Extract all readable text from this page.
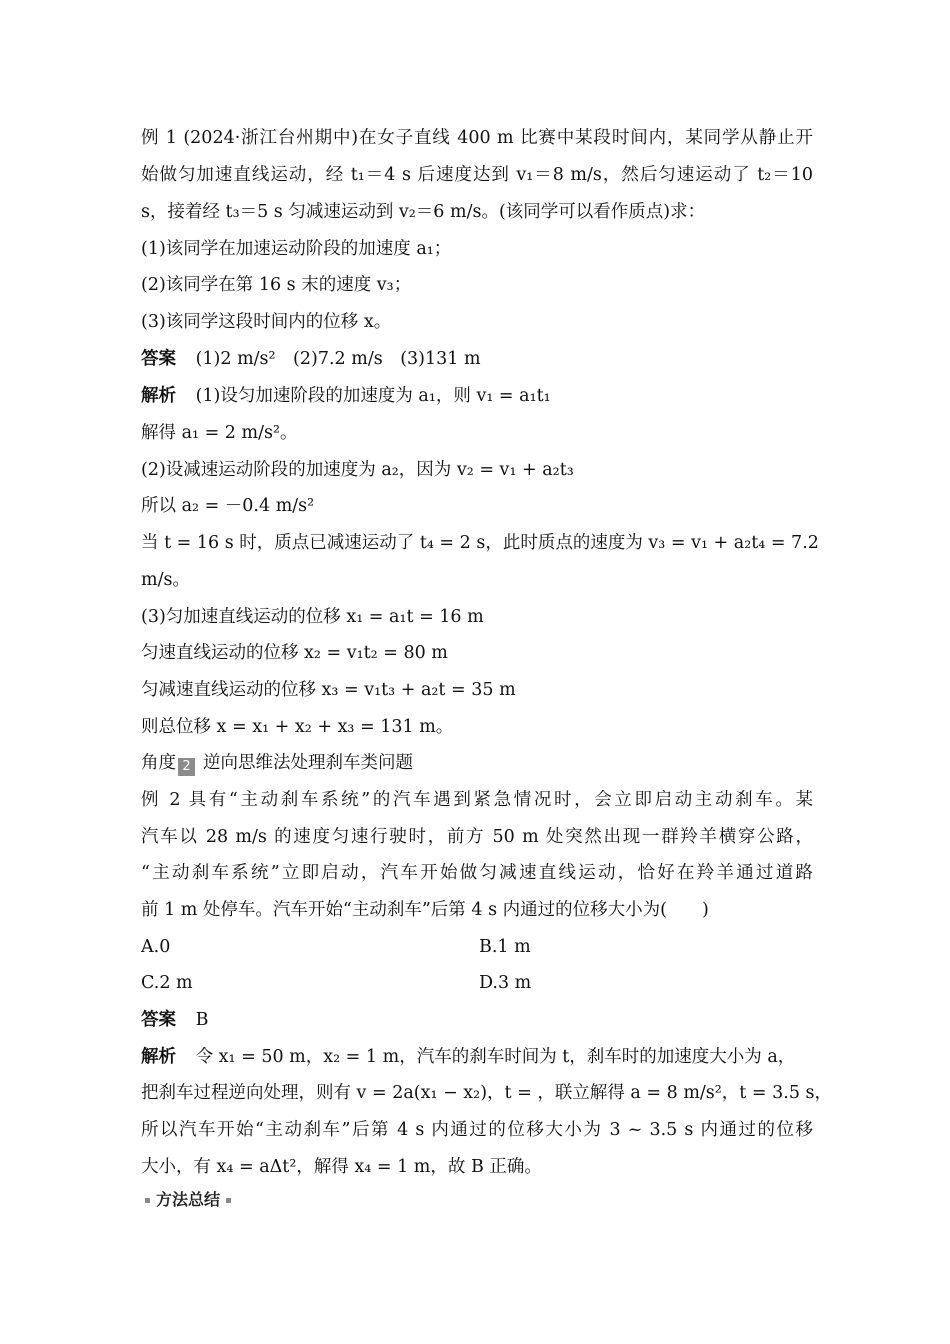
例 1 (2024·浙江台州期中)在女子直线 400 m 比赛中某段时间内，某同学从静止开
始做匀加速直线运动，经 t₁＝4 s 后速度达到 v₁＝8 m/s，然后匀速运动了 t₂＝10
s，接着经 t₃＝5 s 匀减速运动到 v₂＝6 m/s。(该同学可以看作质点)求：
(1)该同学在加速运动阶段的加速度 a₁；
(2)该同学在第 16 s 末的速度 v₃；
(3)该同学这段时间内的位移 x。
答案 (1)2 m/s²　(2)7.2 m/s　(3)131 m
解析 (1)设匀加速阶段的加速度为 a₁，则 v₁ = a₁t₁
解得 a₁ = 2 m/s²。
(2)设减速运动阶段的加速度为 a₂，因为 v₂ = v₁ + a₂t₃
所以 a₂ = －0.4 m/s²
当 t = 16 s 时，质点已减速运动了 t₄ = 2 s，此时质点的速度为 v₃ = v₁ + a₂t₄ = 7.2
m/s。
(3)匀加速直线运动的位移 x₁ = a₁t = 16 m
匀速直线运动的位移 x₂ = v₁t₂ = 80 m
匀减速直线运动的位移 x₃ = v₁t₃ + a₂t = 35 m
则总位移 x = x₁ + x₂ + x₃ = 131 m。
角度 2 逆向思维法处理刹车类问题
例 2 具有“主动刹车系统”的汽车遇到紧急情况时，会立即启动主动刹车。某
汽车以 28 m/s 的速度匀速行驶时，前方 50 m 处突然出现一群羚羊横穿公路，
“主动刹车系统”立即启动，汽车开始做匀减速直线运动，恰好在羚羊通过道路
前 1 m 处停车。汽车开始“主动刹车”后第 4 s 内通过的位移大小为(　　)
A.0	B.1 m
C.2 m	D.3 m
答案 B
解析 令 x₁ = 50 m，x₂ = 1 m，汽车的刹车时间为 t，刹车时的加速度大小为 a，
把刹车过程逆向处理，则有 v = 2a(x₁ − x₂)，t = ，联立解得 a = 8 m/s²，t = 3.5 s，
所以汽车开始“主动刹车”后第 4 s 内通过的位移大小为 3 ~ 3.5 s 内通过的位移
大小，有 x₄ = aΔt²，解得 x₄ = 1 m，故 B 正确。
方法总结
